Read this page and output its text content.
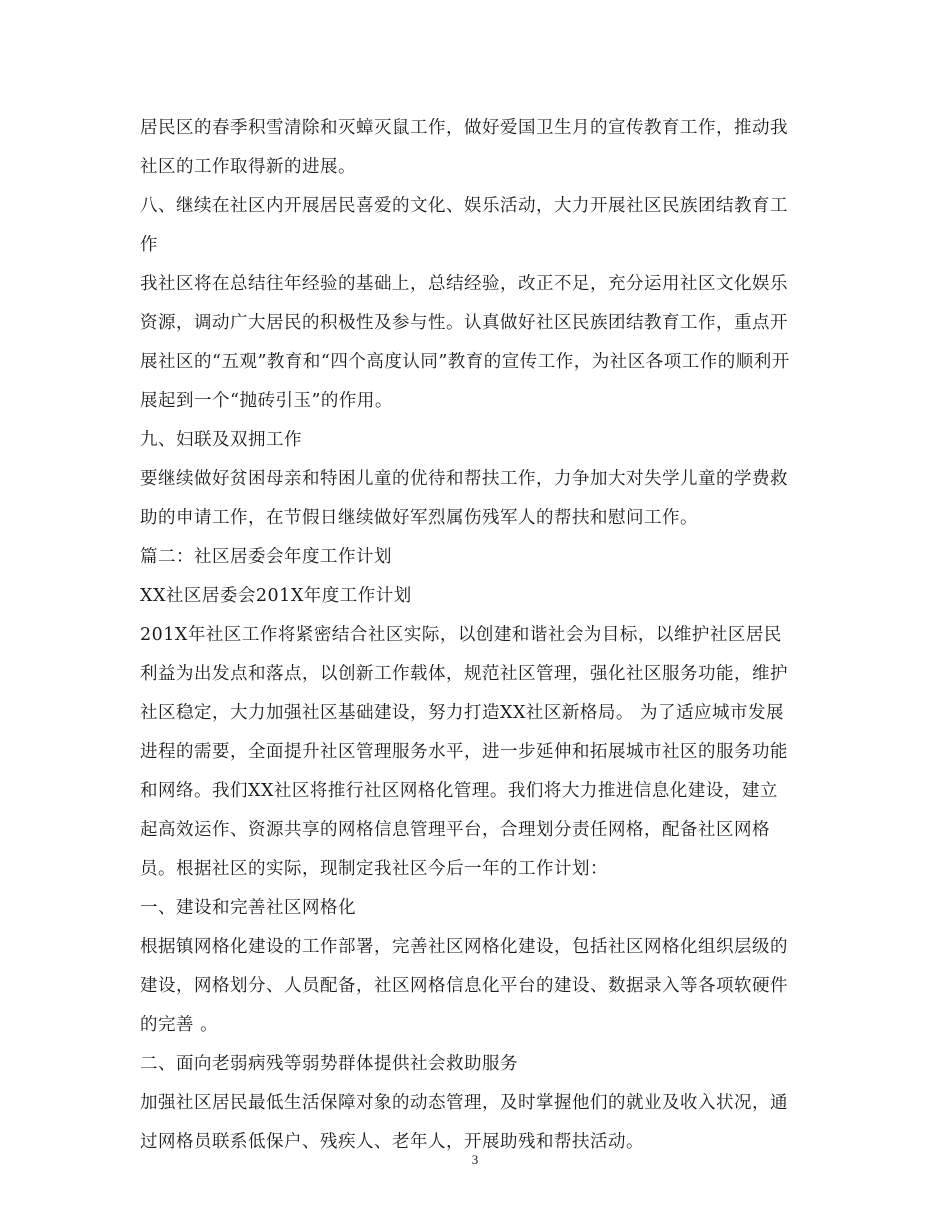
居民区的春季积雪清除和灭蟑灭鼠工作，做好爱国卫生月的宣传教育工作，推动我
社区的工作取得新的进展。
八、继续在社区内开展居民喜爱的文化、娱乐活动，大力开展社区民族团结教育工
作
我社区将在总结往年经验的基础上，总结经验，改正不足，充分运用社区文化娱乐
资源，调动广大居民的积极性及参与性。认真做好社区民族团结教育工作，重点开
展社区的“五观”教育和“四个高度认同”教育的宣传工作，为社区各项工作的顺利开
展起到一个“抛砖引玉”的作用。
九、妇联及双拥工作
要继续做好贫困母亲和特困儿童的优待和帮扶工作，力争加大对失学儿童的学费救
助的申请工作，在节假日继续做好军烈属伤残军人的帮扶和慰问工作。
篇二：社区居委会年度工作计划
XX社区居委会201X年度工作计划
201X年社区工作将紧密结合社区实际，以创建和谐社会为目标，以维护社区居民
利益为出发点和落点，以创新工作载体，规范社区管理，强化社区服务功能，维护
社区稳定，大力加强社区基础建设，努力打造XX社区新格局。 为了适应城市发展
进程的需要，全面提升社区管理服务水平，进一步延伸和拓展城市社区的服务功能
和网络。我们XX社区将推行社区网格化管理。我们将大力推进信息化建设，建立
起高效运作、资源共享的网格信息管理平台，合理划分责任网格，配备社区网格
员。根据社区的实际，现制定我社区今后一年的工作计划：
一、建设和完善社区网格化
根据镇网格化建设的工作部署，完善社区网格化建设，包括社区网格化组织层级的
建设，网格划分、人员配备，社区网格信息化平台的建设、数据录入等各项软硬件
的完善 。
二、面向老弱病残等弱势群体提供社会救助服务
加强社区居民最低生活保障对象的动态管理，及时掌握他们的就业及收入状况，通
过网格员联系低保户、残疾人、老年人，开展助残和帮扶活动。
3
